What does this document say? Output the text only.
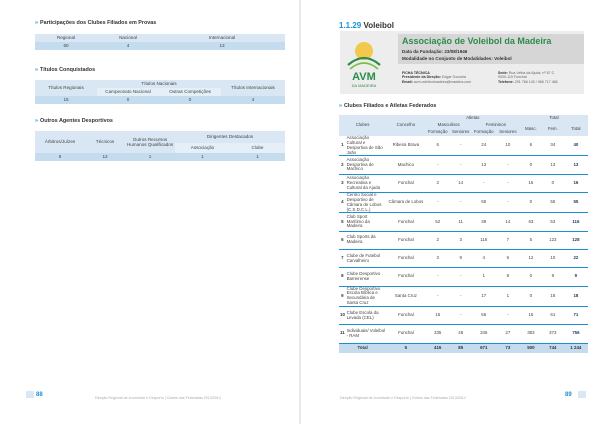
» Participações dos Clubes Filiados em Provas
Regional	Nacional	Internacional
60	4	13
» Títulos Conquistados
Títulos Regionais	Títulos Nacionais		Títulos Internacionais
	Campeonato Nacional	Outras Competições	
15	0	0	4
» Outros Agentes Desportivos
Árbitros/Juízes	Técnicos	Outros Recursos Humanos Qualificados	Dirigentes Destacados	
			Associação	Clube
6	12	1	1	1
88	Direção Regional de Juventude e Desporto | Clubes das Federadas 2013/2014
1.1.29 Voleibol
AVM
DA MADEIRA
Associação de Voleibol da Madeira
Data da Fundação: 23/08/1946
Modalidade no Conjunto de Modalidades: Voleibol
FICHA TÉCNICA
Presidente da Direção: Edgar Gouveia
Email: avm.voleibolmadeira@madeira.com
Sede: Rua Velha da Ajuda, nº 87 C
9000-115 Funchal
Telefone: 291 766 140 / 966 717 466
» Clubes Filiados e Atletas Federados
Clubes		Concelho	Atletas				Total		
			Masculinos		Femininos		Masc.	Fem.	Total
			Formação	Seniores	Formação	Seniores			
1	Associação Cultural e Desportiva de São João	Ribeira Brava	6	-	24	10	6	34	40
2	Associação Desportiva de Machico	Machico	-	-	13	-	0	13	13
3	Associação Recreativa e Cultural da Ajuda	Funchal	2	14	-	-	16	0	16
4	Centro Social e Desportivo de Câmara de Lobos (C.S.D.C.L.)	Câmara de Lobos	-	-	55	-	0	55	55
5	Club Sport Marítimo da Madeira	Funchal	52	11	39	14	63	53	116
6	Club Sports da Madeira	Funchal	2	3	116	7	5	123	128
7	Clube de Futebol Carvalheiro	Funchal	3	9	4	6	12	10	22
8	Clube Desportivo Barreirense	Funchal	-	-	1	8	0	9	9
9	Clube Desportivo Escola Bíblica e Secundária de Santa Cruz	Santa Cruz	-	-	17	1	0	18	18
10	Clube Escola da Levada (CEL)	Funchal	15	-	56	-	15	61	71
11	Individuais/ Voleibol - RAM	Funchal	335	48	346	27	383	373	756
Total		5	415	85	671	73	500	744	1 244
Direção Regional de Juventude e Desporto | Clubes das Federadas 2013/2014	89
